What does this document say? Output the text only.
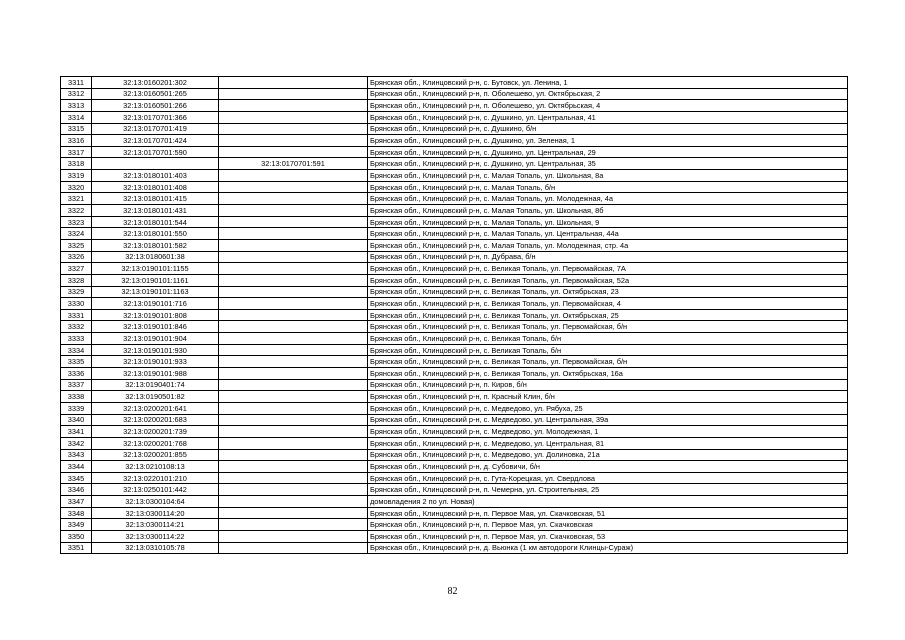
3311	32:13:0160201:302		Брянская обл., Клинцовский р-н, с. Бутовск, ул. Ленина, 1
3312	32:13:0160501:265		Брянская обл., Клинцовский р-н, п. Оболешево, ул. Октябрьская, 2
3313	32:13:0160501:266		Брянская обл., Клинцовский р-н, п. Оболешево, ул. Октябрьская, 4
3314	32:13:0170701:366		Брянская обл., Клинцовский р-н, с. Душкино, ул. Центральная, 41
3315	32:13:0170701:419		Брянская обл., Клинцовский р-н, с. Душкино, б/н
3316	32:13:0170701:424		Брянская обл., Клинцовский р-н, с. Душкино, ул. Зеленая, 1
3317	32:13:0170701:590		Брянская обл., Клинцовский р-н, с. Душкино, ул. Центральная, 29
3318		32:13:0170701:591	Брянская обл., Клинцовский р-н, с. Душкино, ул. Центральная, 35
3319	32:13:0180101:403		Брянская обл., Клинцовский р-н, с. Малая Топаль, ул. Школьная, 8а
3320	32:13:0180101:408		Брянская обл., Клинцовский р-н, с. Малая Топаль, б/н
3321	32:13:0180101:415		Брянская обл., Клинцовский р-н, с. Малая Топаль, ул. Молодежная, 4а
3322	32:13:0180101:431		Брянская обл., Клинцовский р-н, с. Малая Топаль, ул. Школьная, 8б
3323	32:13:0180101:544		Брянская обл., Клинцовский р-н, с. Малая Топаль, ул. Школьная, 9
3324	32:13:0180101:550		Брянская обл., Клинцовский р-н, с. Малая Топаль, ул. Центральная, 44а
3325	32:13:0180101:582		Брянская обл., Клинцовский р-н, с. Малая Топаль, ул. Молодежная, стр. 4а
3326	32:13:0180601:38		Брянская обл., Клинцовский р-н, п. Дубрава, б/н
3327	32:13:0190101:1155		Брянская обл., Клинцовский р-н, с. Великая Топаль, ул. Первомайская, 7А
3328	32:13:0190101:1161		Брянская обл., Клинцовский р-н, с. Великая Топаль, ул. Первомайская, 52а
3329	32:13:0190101:1163		Брянская обл., Клинцовский р-н, с. Великая Топаль, ул. Октябрьская, 23
3330	32:13:0190101:716		Брянская обл., Клинцовский р-н, с. Великая Топаль, ул. Первомайская, 4
3331	32:13:0190101:808		Брянская обл., Клинцовский р-н, с. Великая Топаль, ул. Октябрьская, 25
3332	32:13:0190101:846		Брянская обл., Клинцовский р-н, с. Великая Топаль, ул. Первомайская, б/н
3333	32:13:0190101:904		Брянская обл., Клинцовский р-н, с. Великая Топаль, б/н
3334	32:13:0190101:930		Брянская обл., Клинцовский р-н, с. Великая Топаль, б/н
3335	32:13:0190101:933		Брянская обл., Клинцовский р-н, с. Великая Топаль, ул. Первомайская, б/н
3336	32:13:0190101:988		Брянская обл., Клинцовский р-н, с. Великая Топаль, ул. Октябрьская, 16а
3337	32:13:0190401:74		Брянская обл., Клинцовский р-н, п. Киров, б/н
3338	32:13:0190501:82		Брянская обл., Клинцовский р-н, п. Красный Клин, б/н
3339	32:13:0200201:641		Брянская обл., Клинцовский р-н, с. Медведово, ул. Рябуха, 25
3340	32:13:0200201:683		Брянская обл., Клинцовский р-н, с. Медведово, ул. Центральная, 39а
3341	32:13:0200201:739		Брянская обл., Клинцовский р-н, с. Медведово, ул. Молодежная, 1
3342	32:13:0200201:768		Брянская обл., Клинцовский р-н, с. Медведово, ул. Центральная, 81
3343	32:13:0200201:855		Брянская обл., Клинцовский р-н, с. Медведово, ул. Долиновка, 21а
3344	32:13:0210108:13		Брянская обл., Клинцовский р-н, д. Субовичи, б/н
3345	32:13:0220101:210		Брянская обл., Клинцовский р-н, с. Гута-Корецкая, ул. Свердлова
3346	32:13:0250101:442		Брянская обл., Клинцовский р-н, п. Чемерна, ул. Строительная, 25
3347	32:13:0300104:64		домовладения 2 по ул. Новая)
3348	32:13:0300114:20		Брянская обл., Клинцовский р-н, п. Первое Мая, ул. Скачковская, 51
3349	32:13:0300114:21		Брянская обл., Клинцовский р-н, п. Первое Мая, ул. Скачковская
3350	32:13:0300114:22		Брянская обл., Клинцовский р-н, п. Первое Мая, ул. Скачковская, 53
3351	32:13:0310105:78		Брянская обл., Клинцовский р-н, д. Вьюнка (1 км автодороги Клинцы-Сураж)
82
